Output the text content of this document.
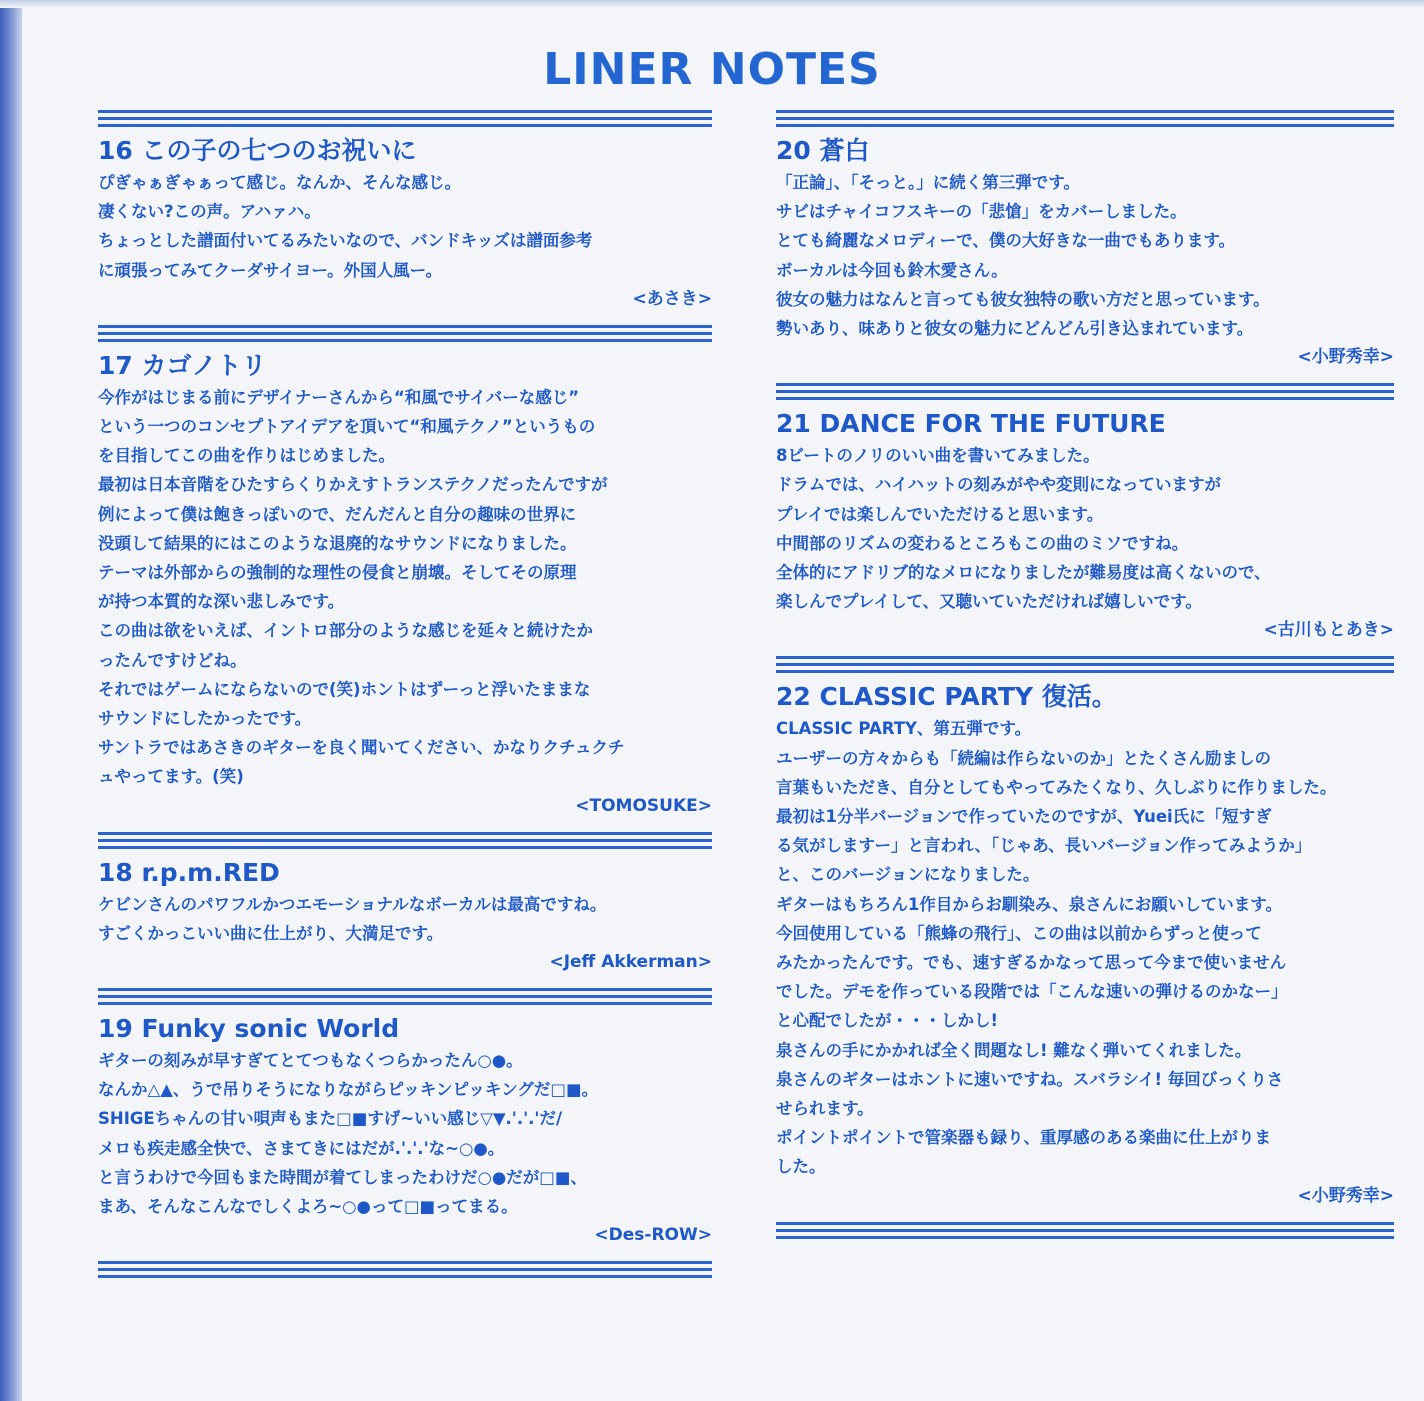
LINER NOTES
16 この子の七つのお祝いに

ぴぎゃぁぎゃぁって感じ。なんか、そんな感じ。

凄くない?この声。アハァハ。

ちょっとした譜面付いてるみたいなので、バンドキッズは譜面参考

に頑張ってみてクーダサイヨー。外国人風ー。

<あさき>
17 カゴノトリ

今作がはじまる前にデザイナーさんから“和風でサイバーな感じ”

という一つのコンセプトアイデアを頂いて“和風テクノ”というもの

を目指してこの曲を作りはじめました。

最初は日本音階をひたすらくりかえすトランステクノだったんですが

例によって僕は飽きっぽいので、だんだんと自分の趣味の世界に

没頭して結果的にはこのような退廃的なサウンドになりました。

テーマは外部からの強制的な理性の侵食と崩壊。そしてその原理

が持つ本質的な深い悲しみです。

この曲は欲をいえば、イントロ部分のような感じを延々と続けたか

ったんですけどね。

それではゲームにならないので(笑)ホントはずーっと浮いたままな

サウンドにしたかったです。

サントラではあさきのギターを良く聞いてください、かなりクチュクチ

ュやってます。(笑)

<TOMOSUKE>
18 r.p.m.RED

ケビンさんのパワフルかつエモーショナルなボーカルは最高ですね。

すごくかっこいい曲に仕上がり、大満足です。

<Jeff Akkerman>
19 Funky sonic World

ギターの刻みが早すぎてとてつもなくつらかったん○●。

なんか△▲、うで吊りそうになりながらピッキンピッキングだ□■。

SHIGEちゃんの甘い唄声もまた□■すげ~いい感じ▽▼.'.'.'だ/

メロも疾走感全快で、さまてきにはだが.'.'.'な~○●。

と言うわけで今回もまた時間が着てしまったわけだ○●だが□■、

まあ、そんなこんなでしくよろ~○●って□■ってまる。

<Des-ROW>
20 蒼白

「正論」、「そっと。」に続く第三弾です。

サビはチャイコフスキーの「悲愴」をカバーしました。

とても綺麗なメロディーで、僕の大好きな一曲でもあります。

ボーカルは今回も鈴木愛さん。

彼女の魅力はなんと言っても彼女独特の歌い方だと思っています。

勢いあり、味ありと彼女の魅力にどんどん引き込まれています。

<小野秀幸>
21 DANCE FOR THE FUTURE

8ビートのノリのいい曲を書いてみました。

ドラムでは、ハイハットの刻みがやや変則になっていますが

プレイでは楽しんでいただけると思います。

中間部のリズムの変わるところもこの曲のミソですね。

全体的にアドリブ的なメロになりましたが難易度は高くないので、

楽しんでプレイして、又聴いていただければ嬉しいです。

<古川もとあき>
22 CLASSIC PARTY 復活。

CLASSIC PARTY、第五弾です。

ユーザーの方々からも「続編は作らないのか」とたくさん励ましの

言葉もいただき、自分としてもやってみたくなり、久しぶりに作りました。

最初は1分半バージョンで作っていたのですが、Yuei氏に「短すぎ

る気がしますー」と言われ、「じゃあ、長いバージョン作ってみようか」

と、このバージョンになりました。

ギターはもちろん1作目からお馴染み、泉さんにお願いしています。

今回使用している「熊蜂の飛行」、この曲は以前からずっと使って

みたかったんです。でも、速すぎるかなって思って今まで使いません

でした。デモを作っている段階では「こんな速いの弾けるのかなー」

と心配でしたが・・・しかし!

泉さんの手にかかれば全く問題なし! 難なく弾いてくれました。

泉さんのギターはホントに速いですね。スバラシイ! 毎回びっくりさ

せられます。

ポイントポイントで管楽器も録り、重厚感のある楽曲に仕上がりま

した。

<小野秀幸>
